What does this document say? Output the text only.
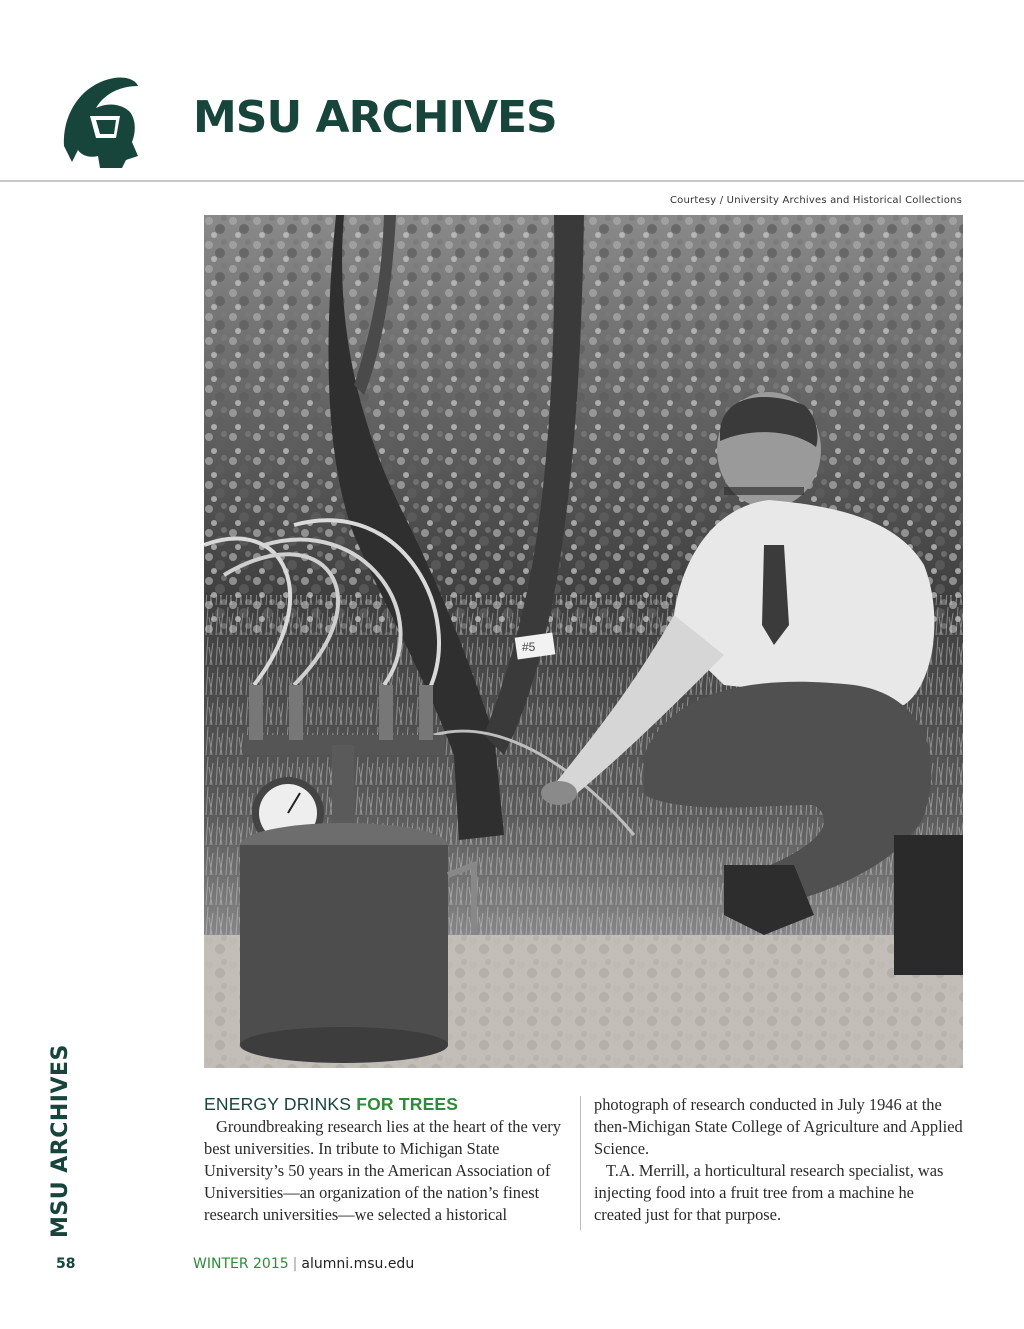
MSU ARCHIVES
Courtesy / University Archives and Historical Collections
#5
MSU ARCHIVES	ENERGY DRINKS FOR TREES

Groundbreaking research lies at the heart of the very best universities. In tribute to Michigan State University’s 50 years in the American Association of Universities—an organization of the nation’s finest research universities—we selected a historical

photograph of research conducted in July 1946 at the then-Michigan State College of Agriculture and Applied Science.

T.A. Merrill, a horticultural research specialist, was injecting food into a fruit tree from a machine he created just for that purpose.

58	WINTER 2015 | alumni.msu.edu
